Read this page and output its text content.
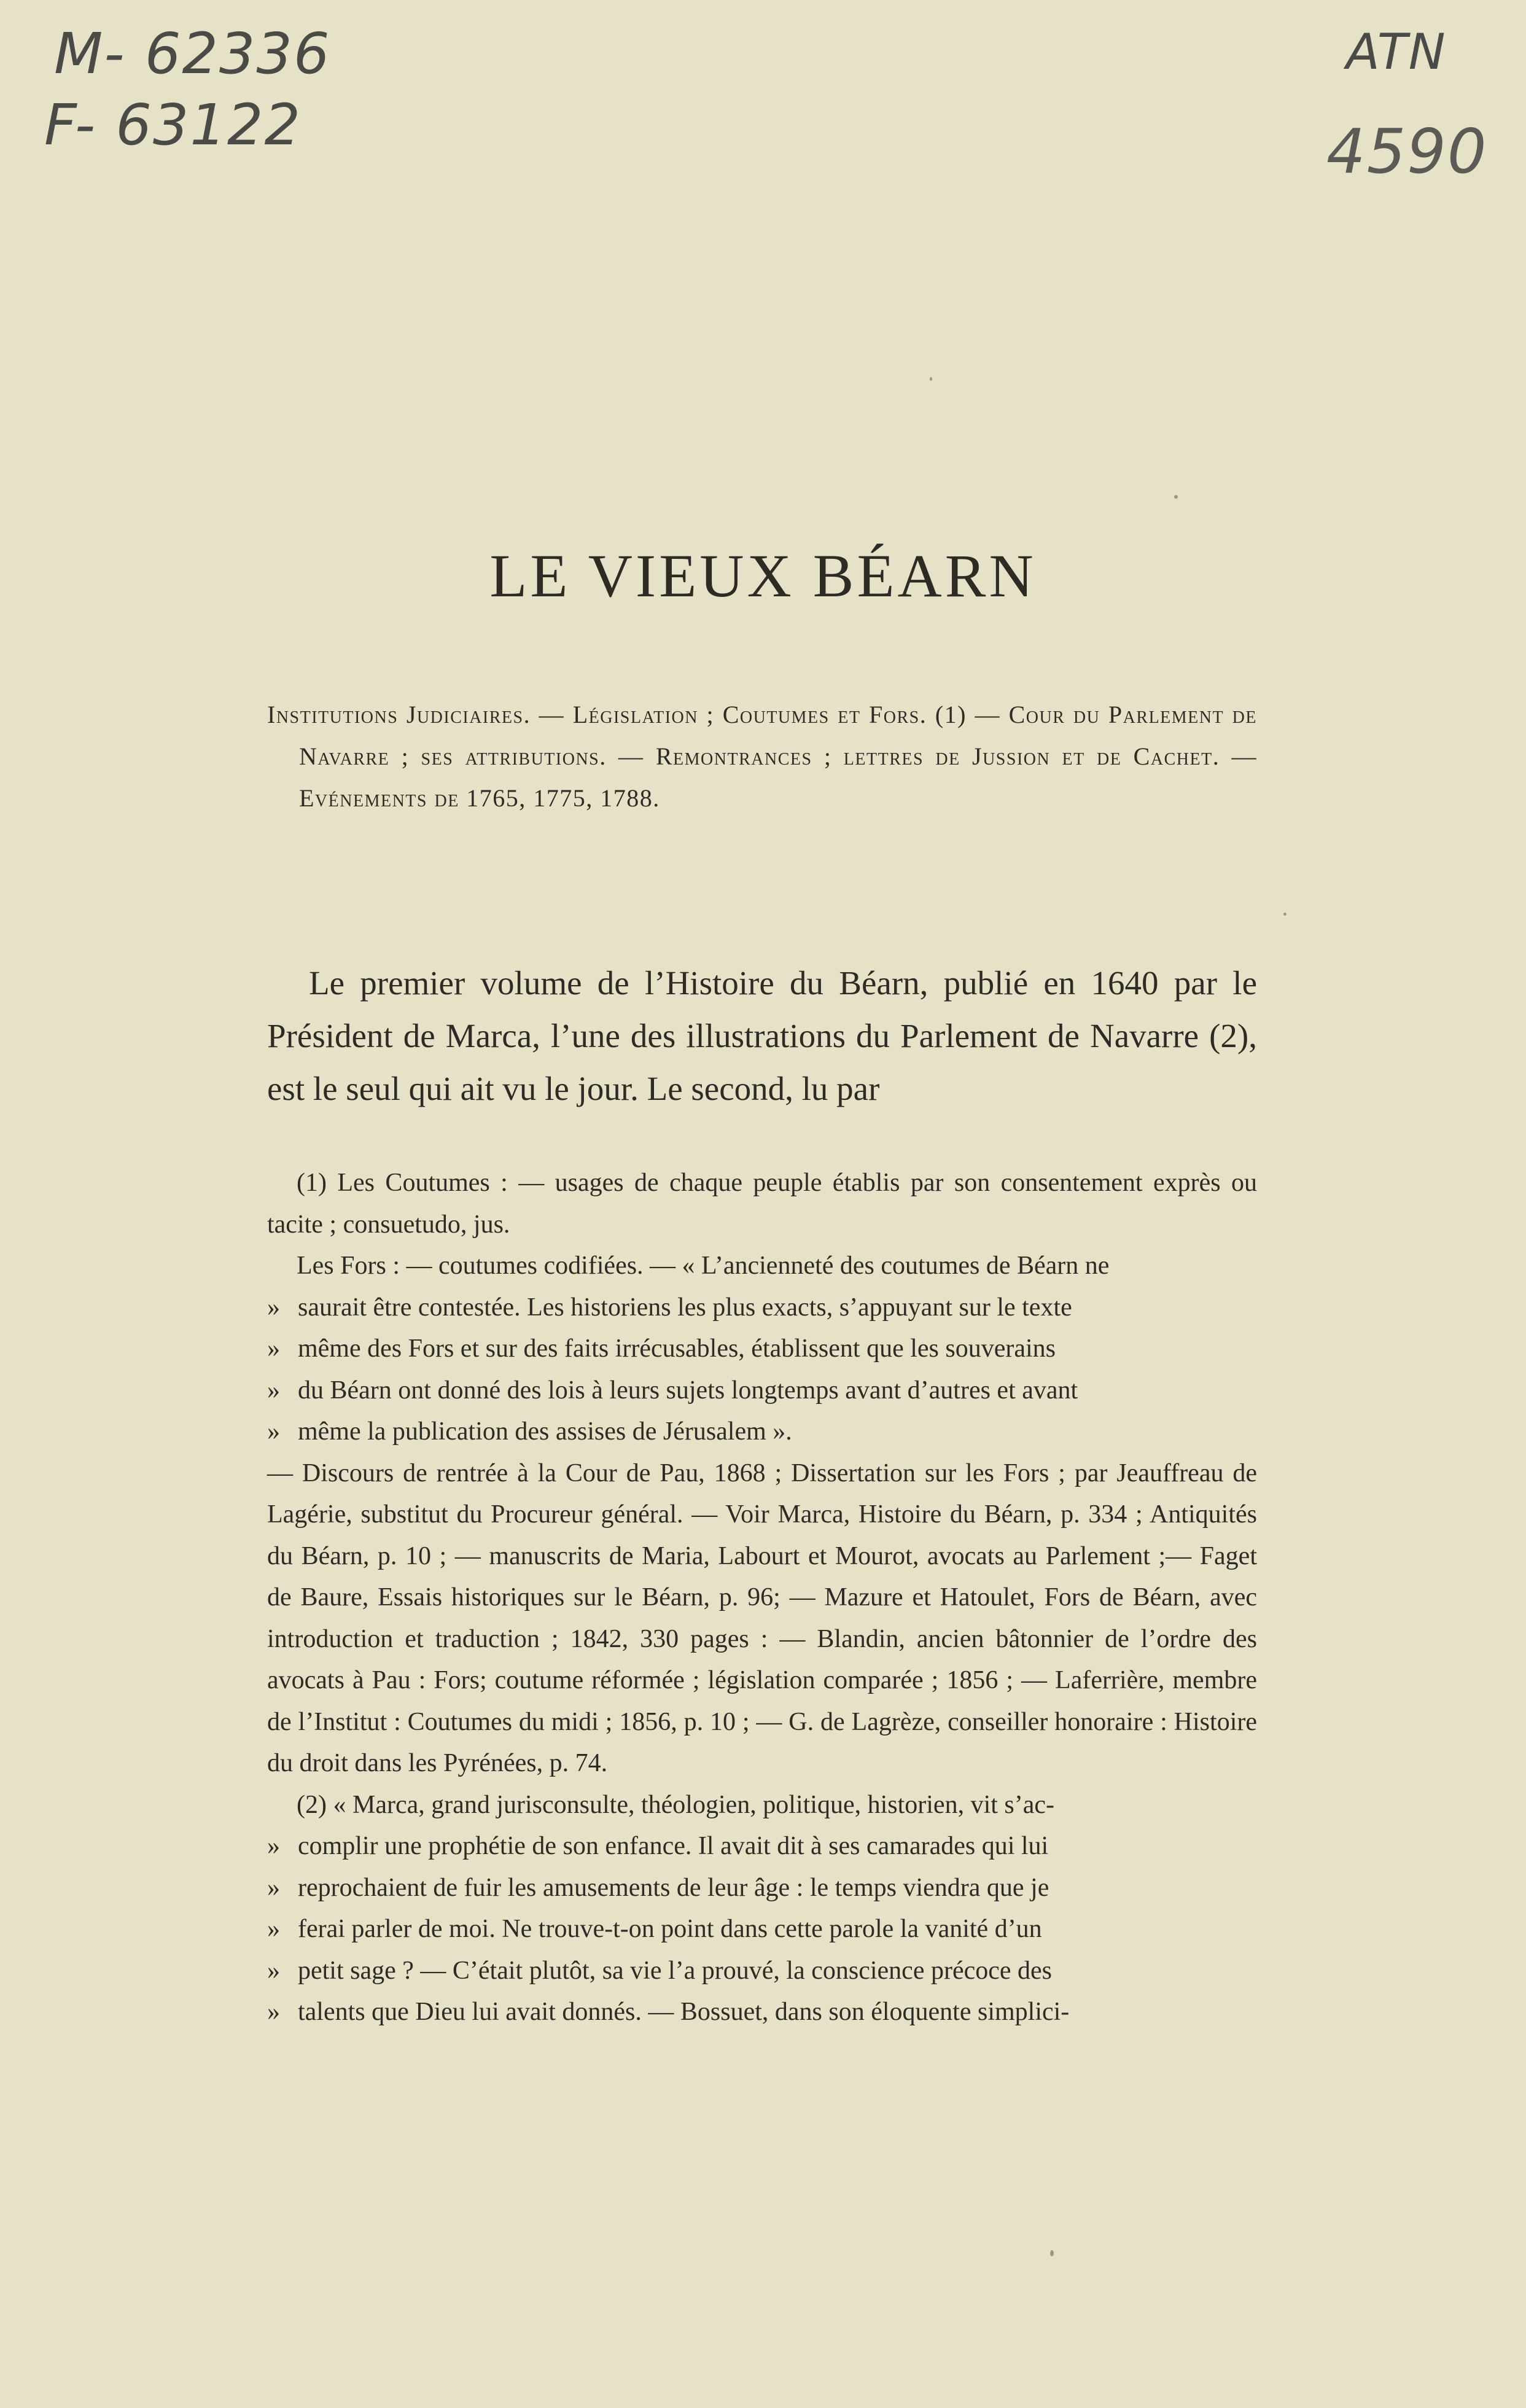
M- 62336
F- 63122
ATN
4590
LE VIEUX BÉARN
Institutions Judiciaires. — Législation ; Coutumes et Fors. (1) — Cour du Parlement de Navarre ; ses attributions. — Remontrances ; lettres de Jussion et de Cachet. — Evénements de 1765, 1775, 1788.
Le premier volume de l’Histoire du Béarn, publié en 1640 par le Président de Marca, l’une des illustrations du Parlement de Navarre (2), est le seul qui ait vu le jour. Le second, lu par

(1) Les Coutumes : — usages de chaque peuple établis par son consentement exprès ou tacite ; consuetudo, jus.

Les Fors : — coutumes codifiées. — « L’ancienneté des coutumes de Béarn ne
» saurait être contestée. Les historiens les plus exacts, s’appuyant sur le texte
» même des Fors et sur des faits irrécusables, établissent que les souverains
» du Béarn ont donné des lois à leurs sujets longtemps avant d’autres et avant
» même la publication des assises de Jérusalem ».

— Discours de rentrée à la Cour de Pau, 1868 ; Dissertation sur les Fors ; par Jeauffreau de Lagérie, substitut du Procureur général. — Voir Marca, Histoire du Béarn, p. 334 ; Antiquités du Béarn, p. 10 ; — manuscrits de Maria, Labourt et Mourot, avocats au Parlement ;— Faget de Baure, Essais historiques sur le Béarn, p. 96; — Mazure et Hatoulet, Fors de Béarn, avec introduction et traduction ; 1842, 330 pages : — Blandin, ancien bâtonnier de l’ordre des avocats à Pau : Fors; coutume réformée ; législation comparée ; 1856 ; — Laferrière, membre de l’Institut : Coutumes du midi ; 1856, p. 10 ; — G. de Lagrèze, conseiller honoraire : Histoire du droit dans les Pyrénées, p. 74.

(2) « Marca, grand jurisconsulte, théologien, politique, historien, vit s’ac-
» complir une prophétie de son enfance. Il avait dit à ses camarades qui lui
» reprochaient de fuir les amusements de leur âge : le temps viendra que je
» ferai parler de moi. Ne trouve-t-on point dans cette parole la vanité d’un
» petit sage ? — C’était plutôt, sa vie l’a prouvé, la conscience précoce des
» talents que Dieu lui avait donnés. — Bossuet, dans son éloquente simplici-
